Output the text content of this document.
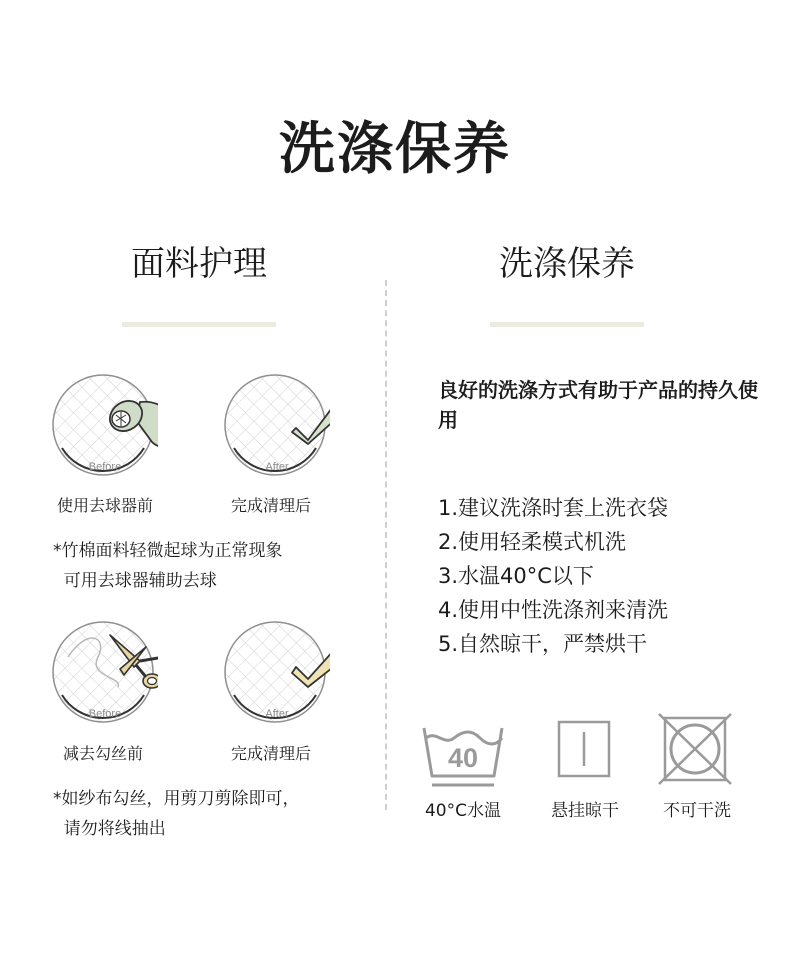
洗涤保养
面料护理	洗涤保养
Before	After
使用去球器前	完成清理后
*竹棉面料轻微起球为正常现象
可用去球器辅助去球
Before	After
减去勾丝前	完成清理后
*如纱布勾丝，用剪刀剪除即可，
请勿将线抽出
良好的洗涤方式有助于产品的持久使用
1.建议洗涤时套上洗衣袋
2.使用轻柔模式机洗
3.水温40°C以下
4.使用中性洗涤剂来清洗
5.自然晾干，严禁烘干
40
40°C水温	悬挂晾干	不可干洗
